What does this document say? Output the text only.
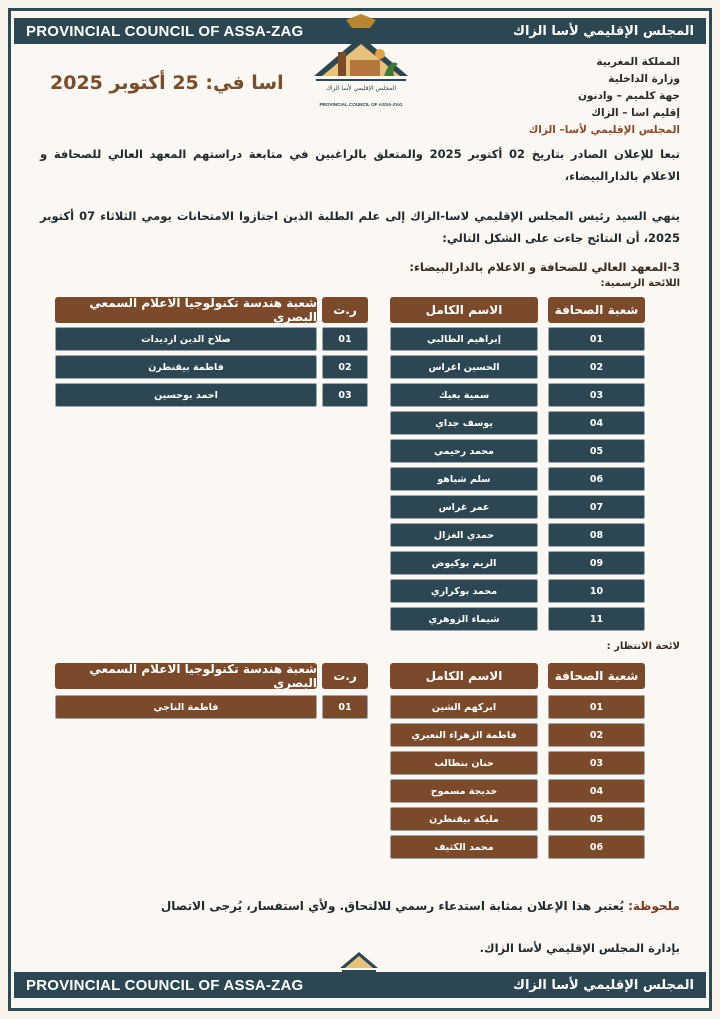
PROVINCIAL COUNCIL OF ASSA-ZAG	المجلس الإقليمي لأسا الزاك
المجلس الإقليمي لأسا الزاك
PROVINCIAL COUNCIL OF ASSA-ZAG
اسا في: 25 أكتوبر 2025
المملكة المغربية
وزارة الداخلية
جهة كلميم – وادنون
إقليم اسا – الزاك
المجلس الإقليمي لأسا– الزاك
تبعا للإعلان الصادر بتاريخ 02 أكتوبر 2025 والمتعلق بالراغبين في متابعة دراستهم المعهد العالي للصحافة و الاعلام بالدارالبيضاء،
ينهي السيد رئيس المجلس الإقليمي لاسا-الزاك إلى علم الطلبة الذين اجتازوا الامتحانات يومي الثلاثاء 07 أكتوبر 2025، أن النتائج جاءت على الشكل التالي:
3-المعهد العالي للصحافة و الاعلام بالدارالبيضاء:
اللائحة الرسمية:
شعبة الصحافة
الاسم الكامل
ر.ت
شعبة هندسة تكنولوجيا الاعلام السمعي البصري
01
إبراهيم الطالبي
02
الحسين اغراس
03
سمية بعيك
04
يوسف جداي
05
محمد رحيمي
06
سلم شياهو
07
عمر غراس
08
حمدي الغزال
09
الريم بوكيوض
10
محمد بوكراري
11
شيماء الزوهري
01
صلاح الدين ازديدات
02
فاطمة بيقنطرن
03
احمد بوحسين
لائحة الانتظار :
شعبة الصحافة
الاسم الكامل
ر.ت
شعبة هندسة تكنولوجيا الاعلام السمعي البصري
01
ابركهم الشين
02
فاطمة الزهراء النعيري
03
حنان بنطالب
04
خديجة مسموح
05
مليكة بيقنطرن
06
محمد الكثيف
01
فاطمة الناجي
ملحوظة: يُعتبر هذا الإعلان بمثابة استدعاء رسمي للالتحاق. ولأي استفسار، يُرجى الاتصال
بإدارة المجلس الإقليمي لأسا الزاك.
PROVINCIAL COUNCIL OF ASSA-ZAG	المجلس الإقليمي لأسا الزاك
